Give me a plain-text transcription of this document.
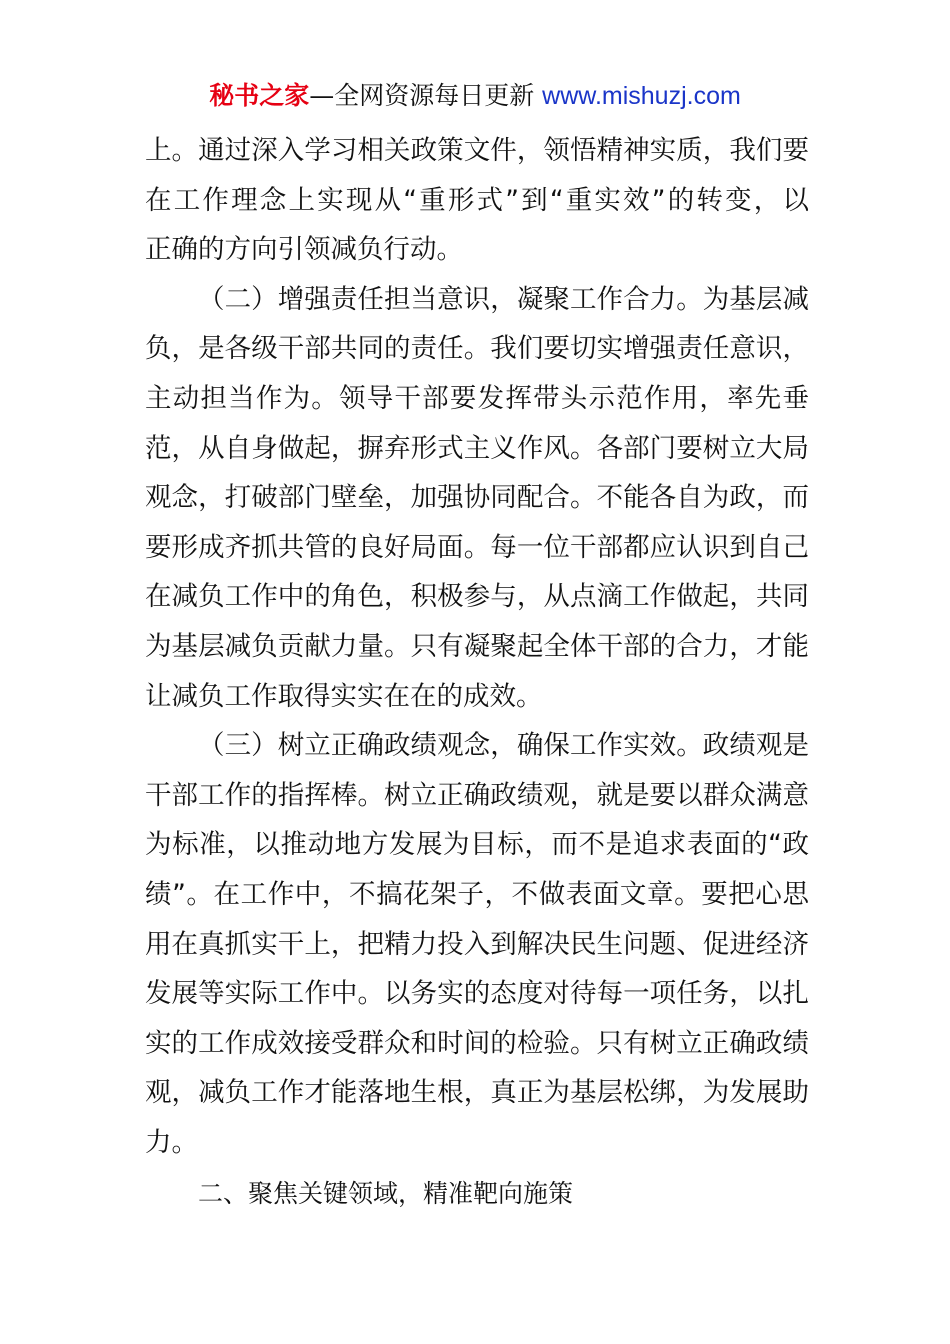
秘书之家—全网资源每日更新 www.mishuzj.com
上。通过深入学习相关政策文件，领悟精神实质，我们要
在工作理念上实现从“重形式”到“重实效”的转变，以
正确的方向引领减负行动。
（二）增强责任担当意识，凝聚工作合力。为基层减
负，是各级干部共同的责任。我们要切实增强责任意识，
主动担当作为。领导干部要发挥带头示范作用，率先垂
范，从自身做起，摒弃形式主义作风。各部门要树立大局
观念，打破部门壁垒，加强协同配合。不能各自为政，而
要形成齐抓共管的良好局面。每一位干部都应认识到自己
在减负工作中的角色，积极参与，从点滴工作做起，共同
为基层减负贡献力量。只有凝聚起全体干部的合力，才能
让减负工作取得实实在在的成效。
（三）树立正确政绩观念，确保工作实效。政绩观是
干部工作的指挥棒。树立正确政绩观，就是要以群众满意
为标准，以推动地方发展为目标，而不是追求表面的“政
绩”。在工作中，不搞花架子，不做表面文章。要把心思
用在真抓实干上，把精力投入到解决民生问题、促进经济
发展等实际工作中。以务实的态度对待每一项任务，以扎
实的工作成效接受群众和时间的检验。只有树立正确政绩
观，减负工作才能落地生根，真正为基层松绑，为发展助
力。
二、聚焦关键领域，精准靶向施策
